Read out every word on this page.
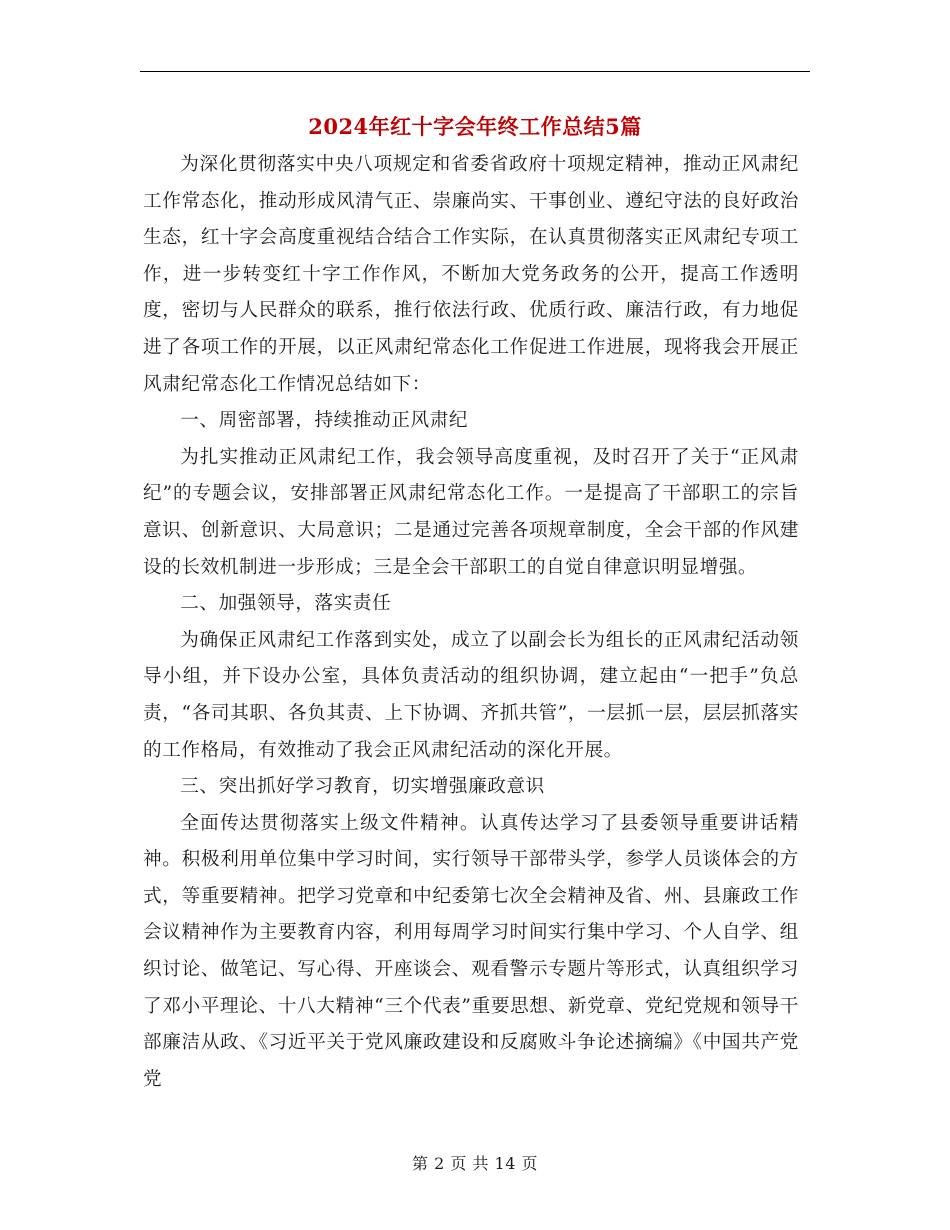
2024年红十字会年终工作总结5篇

为深化贯彻落实中央八项规定和省委省政府十项规定精神，推动正风肃纪工作常态化，推动形成风清气正、崇廉尚实、干事创业、遵纪守法的良好政治生态，红十字会高度重视结合结合工作实际，在认真贯彻落实正风肃纪专项工作，进一步转变红十字工作作风，不断加大党务政务的公开，提高工作透明度，密切与人民群众的联系，推行依法行政、优质行政、廉洁行政，有力地促进了各项工作的开展，以正风肃纪常态化工作促进工作进展，现将我会开展正风肃纪常态化工作情况总结如下：

一、周密部署，持续推动正风肃纪

为扎实推动正风肃纪工作，我会领导高度重视，及时召开了关于“正风肃纪”的专题会议，安排部署正风肃纪常态化工作。一是提高了干部职工的宗旨意识、创新意识、大局意识；二是通过完善各项规章制度，全会干部的作风建设的长效机制进一步形成；三是全会干部职工的自觉自律意识明显增强。

二、加强领导，落实责任

为确保正风肃纪工作落到实处，成立了以副会长为组长的正风肃纪活动领导小组，并下设办公室，具体负责活动的组织协调，建立起由“一把手”负总责，“各司其职、各负其责、上下协调、齐抓共管”，一层抓一层，层层抓落实的工作格局，有效推动了我会正风肃纪活动的深化开展。

三、突出抓好学习教育，切实增强廉政意识

全面传达贯彻落实上级文件精神。认真传达学习了县委领导重要讲话精神。积极利用单位集中学习时间，实行领导干部带头学，参学人员谈体会的方式，等重要精神。把学习党章和中纪委第七次全会精神及省、州、县廉政工作会议精神作为主要教育内容，利用每周学习时间实行集中学习、个人自学、组织讨论、做笔记、写心得、开座谈会、观看警示专题片等形式，认真组织学习了邓小平理论、十八大精神“三个代表”重要思想、新党章、党纪党规和领导干部廉洁从政、《习近平关于党风廉政建设和反腐败斗争论述摘编》《中国共产党党

第 2 页 共 14 页
